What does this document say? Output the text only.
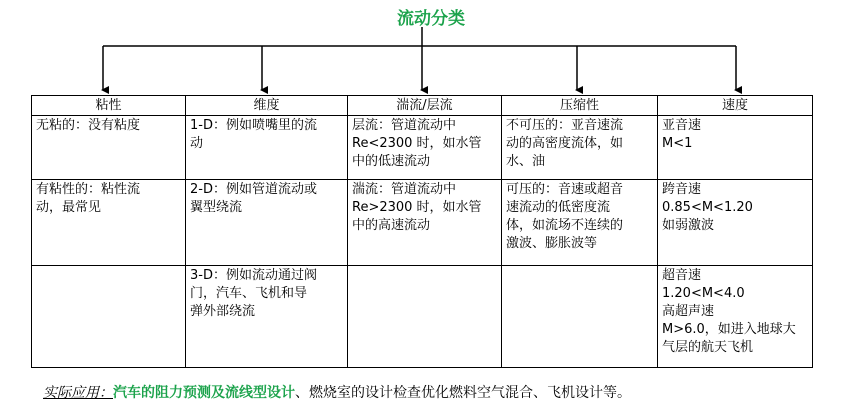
流动分类
粘性	维度	湍流/层流	压缩性	速度

无粘的：没有粘度	1-D：例如喷嘴里的流
动	层流：管道流动中
Re<2300 时，如水管
中的低速流动	不可压的：亚音速流
动的高密度流体，如
水、油	亚音速
M<1

有粘性的：粘性流
动，最常见	2-D：例如管道流动或
翼型绕流	湍流：管道流动中
Re>2300 时，如水管
中的高速流动	可压的：音速或超音
速流动的低密度流
体，如流场不连续的
激波、膨胀波等	跨音速
0.85<M<1.20
如弱激波

	3-D：例如流动通过阀
门，汽车、飞机和导
弹外部绕流			超音速
1.20<M<4.0
高超声速
M>6.0，如进入地球大
气层的航天飞机
实际应用：汽车的阻力预测及流线型设计、燃烧室的设计检查优化燃料空气混合、飞机设计等。
